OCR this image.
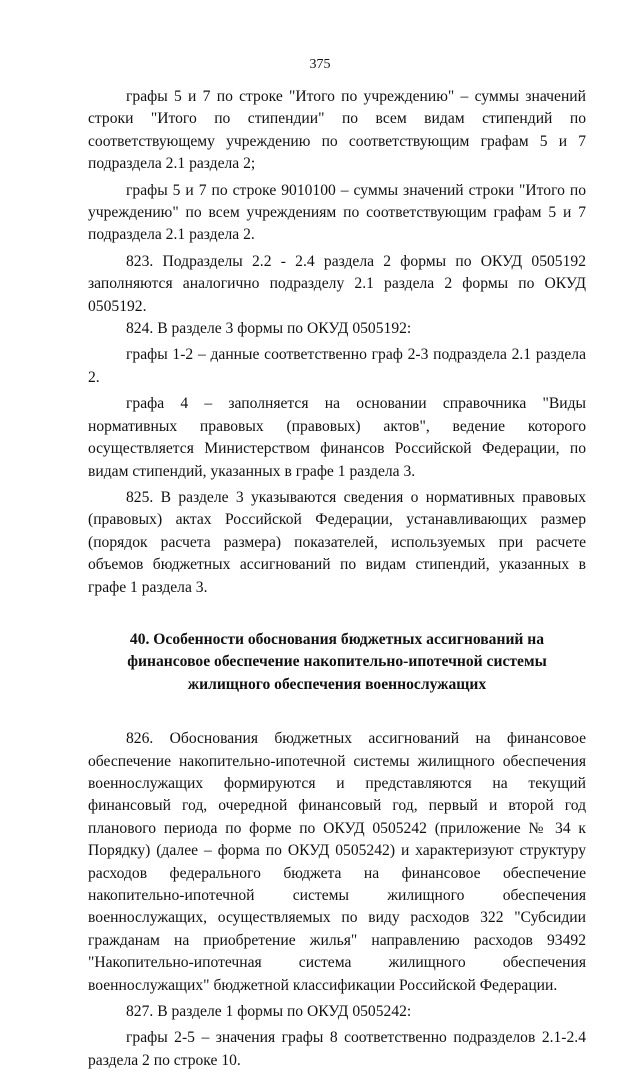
375

графы 5 и 7 по строке "Итого по учреждению" – суммы значений строки "Итого по стипендии" по всем видам стипендий по соответствующему учреждению по соответствующим графам 5 и 7 подраздела 2.1 раздела 2;

графы 5 и 7 по строке 9010100 – суммы значений строки "Итого по учреждению" по всем учреждениям по соответствующим графам 5 и 7 подраздела 2.1 раздела 2.

823. Подразделы 2.2 - 2.4 раздела 2 формы по ОКУД 0505192 заполняются аналогично подразделу 2.1 раздела 2 формы по ОКУД 0505192.

824. В разделе 3 формы по ОКУД 0505192:

графы 1-2 – данные соответственно граф 2-3 подраздела 2.1 раздела 2.

графа 4 – заполняется на основании справочника "Виды нормативных правовых (правовых) актов", ведение которого осуществляется Министерством финансов Российской Федерации, по видам стипендий, указанных в графе 1 раздела 3.

825. В разделе 3 указываются сведения о нормативных правовых (правовых) актах Российской Федерации, устанавливающих размер (порядок расчета размера) показателей, используемых при расчете объемов бюджетных ассигнований по видам стипендий, указанных в графе 1 раздела 3.

40. Особенности обоснования бюджетных ассигнований на финансовое обеспечение накопительно-ипотечной системы жилищного обеспечения военнослужащих

826. Обоснования бюджетных ассигнований на финансовое обеспечение накопительно-ипотечной системы жилищного обеспечения военнослужащих формируются и представляются на текущий финансовый год, очередной финансовый год, первый и второй год планового периода по форме по ОКУД 0505242 (приложение № 34 к Порядку) (далее – форма по ОКУД 0505242) и характеризуют структуру расходов федерального бюджета на финансовое обеспечение накопительно-ипотечной системы жилищного обеспечения военнослужащих, осуществляемых по виду расходов 322 "Субсидии гражданам на приобретение жилья" направлению расходов 93492 "Накопительно-ипотечная система жилищного обеспечения военнослужащих" бюджетной классификации Российской Федерации.

827. В разделе 1 формы по ОКУД 0505242:

графы 2-5 – значения графы 8 соответственно подразделов 2.1-2.4 раздела 2 по строке 10.
